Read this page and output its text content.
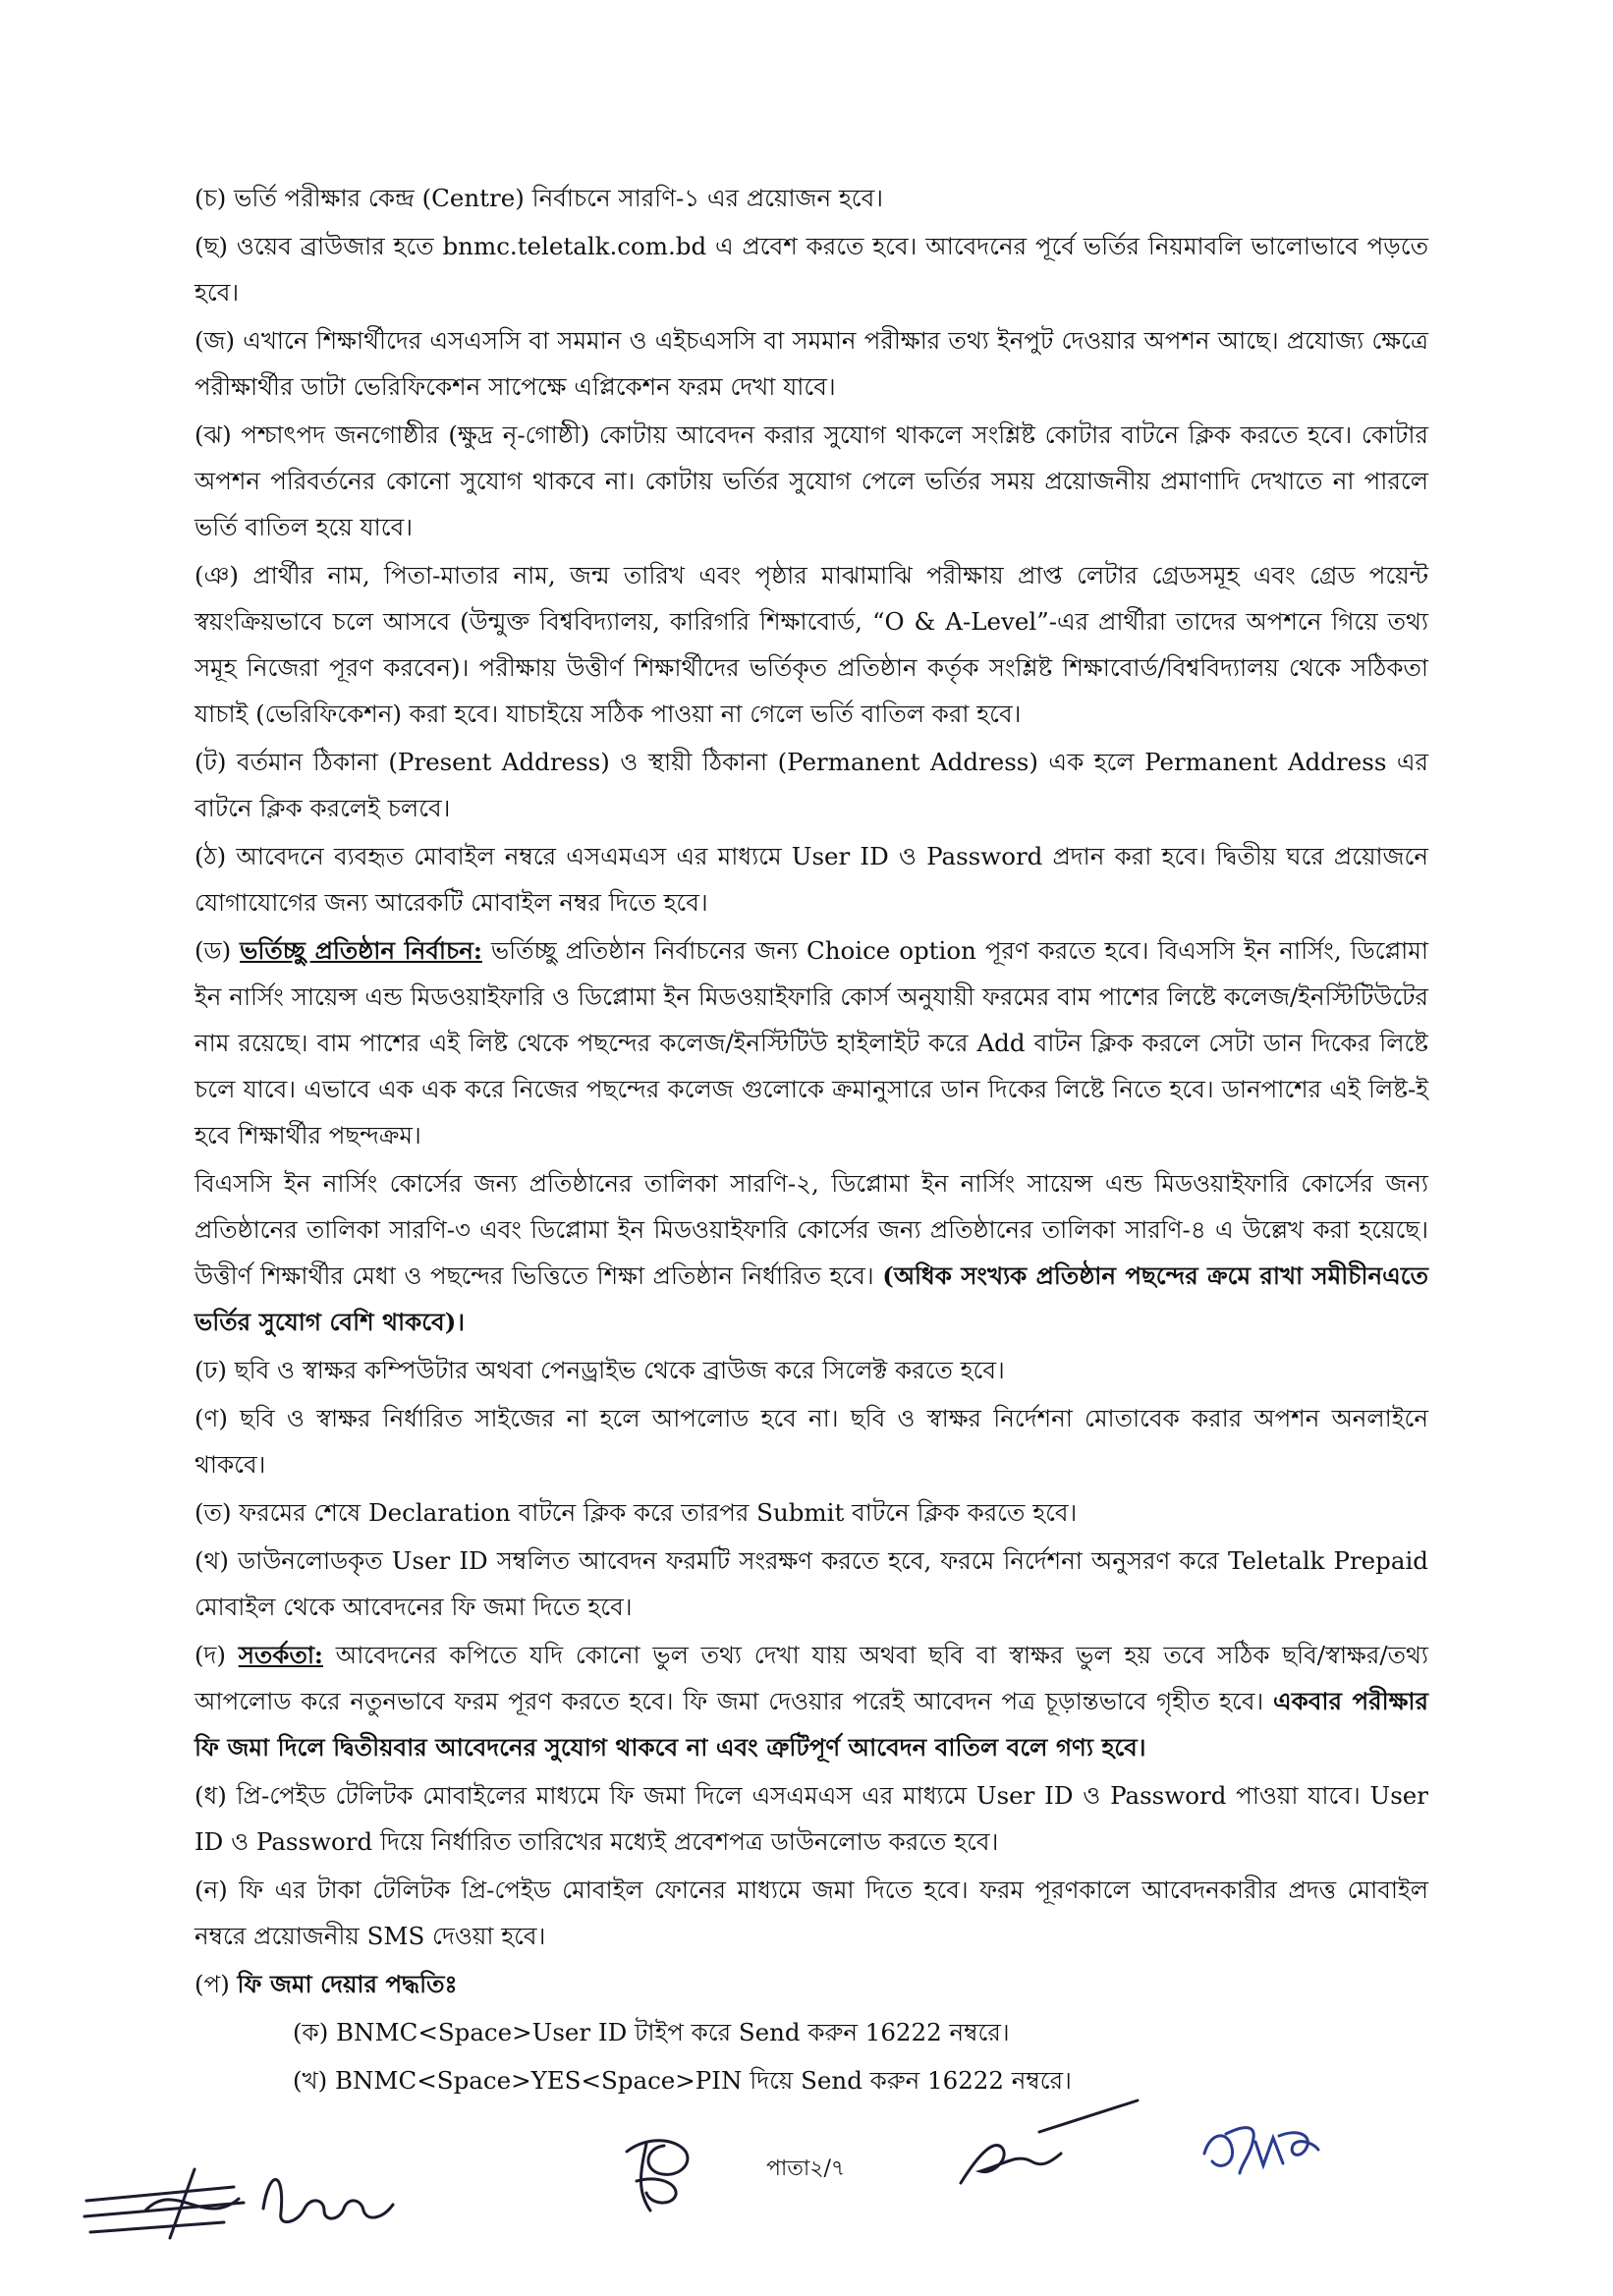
(চ) ভর্তি পরীক্ষার কেন্দ্র (Centre) নির্বাচনে সারণি-১ এর প্রয়োজন হবে।

(ছ) ওয়েব ব্রাউজার হতে bnmc.teletalk.com.bd এ প্রবেশ করতে হবে। আবেদনের পূর্বে ভর্তির নিয়মাবলি ভালোভাবে পড়তে হবে।

(জ) এখানে শিক্ষার্থীদের এসএসসি বা সমমান ও এইচএসসি বা সমমান পরীক্ষার তথ্য ইনপুট দেওয়ার অপশন আছে। প্রযোজ্য ক্ষেত্রে পরীক্ষার্থীর ডাটা ভেরিফিকেশন সাপেক্ষে এপ্লিকেশন ফরম দেখা যাবে।

(ঝ) পশ্চাৎপদ জনগোষ্ঠীর (ক্ষুদ্র নৃ-গোষ্ঠী) কোটায় আবেদন করার সুযোগ থাকলে সংশ্লিষ্ট কোটার বাটনে ক্লিক করতে হবে। কোটার অপশন পরিবর্তনের কোনো সুযোগ থাকবে না। কোটায় ভর্তির সুযোগ পেলে ভর্তির সময় প্রয়োজনীয় প্রমাণাদি দেখাতে না পারলে ভর্তি বাতিল হয়ে যাবে।

(ঞ) প্রার্থীর নাম, পিতা-মাতার নাম, জন্ম তারিখ এবং পৃষ্ঠার মাঝামাঝি পরীক্ষায় প্রাপ্ত লেটার গ্রেডসমূহ এবং গ্রেড পয়েন্ট স্বয়ংক্রিয়ভাবে চলে আসবে (উন্মুক্ত বিশ্ববিদ্যালয়, কারিগরি শিক্ষাবোর্ড, “O & A-Level”-এর প্রার্থীরা তাদের অপশনে গিয়ে তথ্য সমূহ নিজেরা পূরণ করবেন)। পরীক্ষায় উত্তীর্ণ শিক্ষার্থীদের ভর্তিকৃত প্রতিষ্ঠান কর্তৃক সংশ্লিষ্ট শিক্ষাবোর্ড/বিশ্ববিদ্যালয় থেকে সঠিকতা যাচাই (ভেরিফিকেশন) করা হবে। যাচাইয়ে সঠিক পাওয়া না গেলে ভর্তি বাতিল করা হবে।

(ট) বর্তমান ঠিকানা (Present Address) ও স্থায়ী ঠিকানা (Permanent Address) এক হলে Permanent Address এর বাটনে ক্লিক করলেই চলবে।

(ঠ) আবেদনে ব্যবহৃত মোবাইল নম্বরে এসএমএস এর মাধ্যমে User ID ও Password প্রদান করা হবে। দ্বিতীয় ঘরে প্রয়োজনে যোগাযোগের জন্য আরেকটি মোবাইল নম্বর দিতে হবে।

(ড) ভর্তিচ্ছু প্রতিষ্ঠান নির্বাচন: ভর্তিচ্ছু প্রতিষ্ঠান নির্বাচনের জন্য Choice option পূরণ করতে হবে। বিএসসি ইন নার্সিং, ডিপ্লোমা ইন নার্সিং সায়েন্স এন্ড মিডওয়াইফারি ও ডিপ্লোমা ইন মিডওয়াইফারি কোর্স অনুযায়ী ফরমের বাম পাশের লিষ্টে কলেজ/ইনস্টিটিউটের নাম রয়েছে। বাম পাশের এই লিষ্ট থেকে পছন্দের কলেজ/ইনস্টিটিউ হাইলাইট করে Add বাটন ক্লিক করলে সেটা ডান দিকের লিষ্টে চলে যাবে। এভাবে এক এক করে নিজের পছন্দের কলেজ গুলোকে ক্রমানুসারে ডান দিকের লিষ্টে নিতে হবে। ডানপাশের এই লিষ্ট-ই হবে শিক্ষার্থীর পছন্দক্রম।

বিএসসি ইন নার্সিং কোর্সের জন্য প্রতিষ্ঠানের তালিকা সারণি-২, ডিপ্লোমা ইন নার্সিং সায়েন্স এন্ড মিডওয়াইফারি কোর্সের জন্য প্রতিষ্ঠানের তালিকা সারণি-৩ এবং ডিপ্লোমা ইন মিডওয়াইফারি কোর্সের জন্য প্রতিষ্ঠানের তালিকা সারণি-৪ এ উল্লেখ করা হয়েছে। উত্তীর্ণ শিক্ষার্থীর মেধা ও পছন্দের ভিত্তিতে শিক্ষা প্রতিষ্ঠান নির্ধারিত হবে। (অধিক সংখ্যক প্রতিষ্ঠান পছন্দের ক্রমে রাখা সমীচীনএতে ভর্তির সুযোগ বেশি থাকবে)।

(ঢ) ছবি ও স্বাক্ষর কম্পিউটার অথবা পেনড্রাইভ থেকে ব্রাউজ করে সিলেক্ট করতে হবে।

(ণ) ছবি ও স্বাক্ষর নির্ধারিত সাইজের না হলে আপলোড হবে না। ছবি ও স্বাক্ষর নির্দেশনা মোতাবেক করার অপশন অনলাইনে থাকবে।

(ত) ফরমের শেষে Declaration বাটনে ক্লিক করে তারপর Submit বাটনে ক্লিক করতে হবে।

(থ) ডাউনলোডকৃত User ID সম্বলিত আবেদন ফরমটি সংরক্ষণ করতে হবে, ফরমে নির্দেশনা অনুসরণ করে Teletalk Prepaid মোবাইল থেকে আবেদনের ফি জমা দিতে হবে।

(দ) সতর্কতা: আবেদনের কপিতে যদি কোনো ভুল তথ্য দেখা যায় অথবা ছবি বা স্বাক্ষর ভুল হয় তবে সঠিক ছবি/স্বাক্ষর/তথ্য আপলোড করে নতুনভাবে ফরম পূরণ করতে হবে। ফি জমা দেওয়ার পরেই আবেদন পত্র চূড়ান্তভাবে গৃহীত হবে। একবার পরীক্ষার ফি জমা দিলে দ্বিতীয়বার আবেদনের সুযোগ থাকবে না এবং ত্রুটিপূর্ণ আবেদন বাতিল বলে গণ্য হবে।

(ধ) প্রি-পেইড টেলিটক মোবাইলের মাধ্যমে ফি জমা দিলে এসএমএস এর মাধ্যমে User ID ও Password পাওয়া যাবে। User ID ও Password দিয়ে নির্ধারিত তারিখের মধ্যেই প্রবেশপত্র ডাউনলোড করতে হবে।

(ন) ফি এর টাকা টেলিটক প্রি-পেইড মোবাইল ফোনের মাধ্যমে জমা দিতে হবে। ফরম পূরণকালে আবেদনকারীর প্রদত্ত মোবাইল নম্বরে প্রয়োজনীয় SMS দেওয়া হবে।

(প) ফি জমা দেয়ার পদ্ধতিঃ

(ক) BNMC<Space>User ID টাইপ করে Send করুন 16222 নম্বরে।

(খ) BNMC<Space>YES<Space>PIN দিয়ে Send করুন 16222 নম্বরে।

পাতা২/৭
